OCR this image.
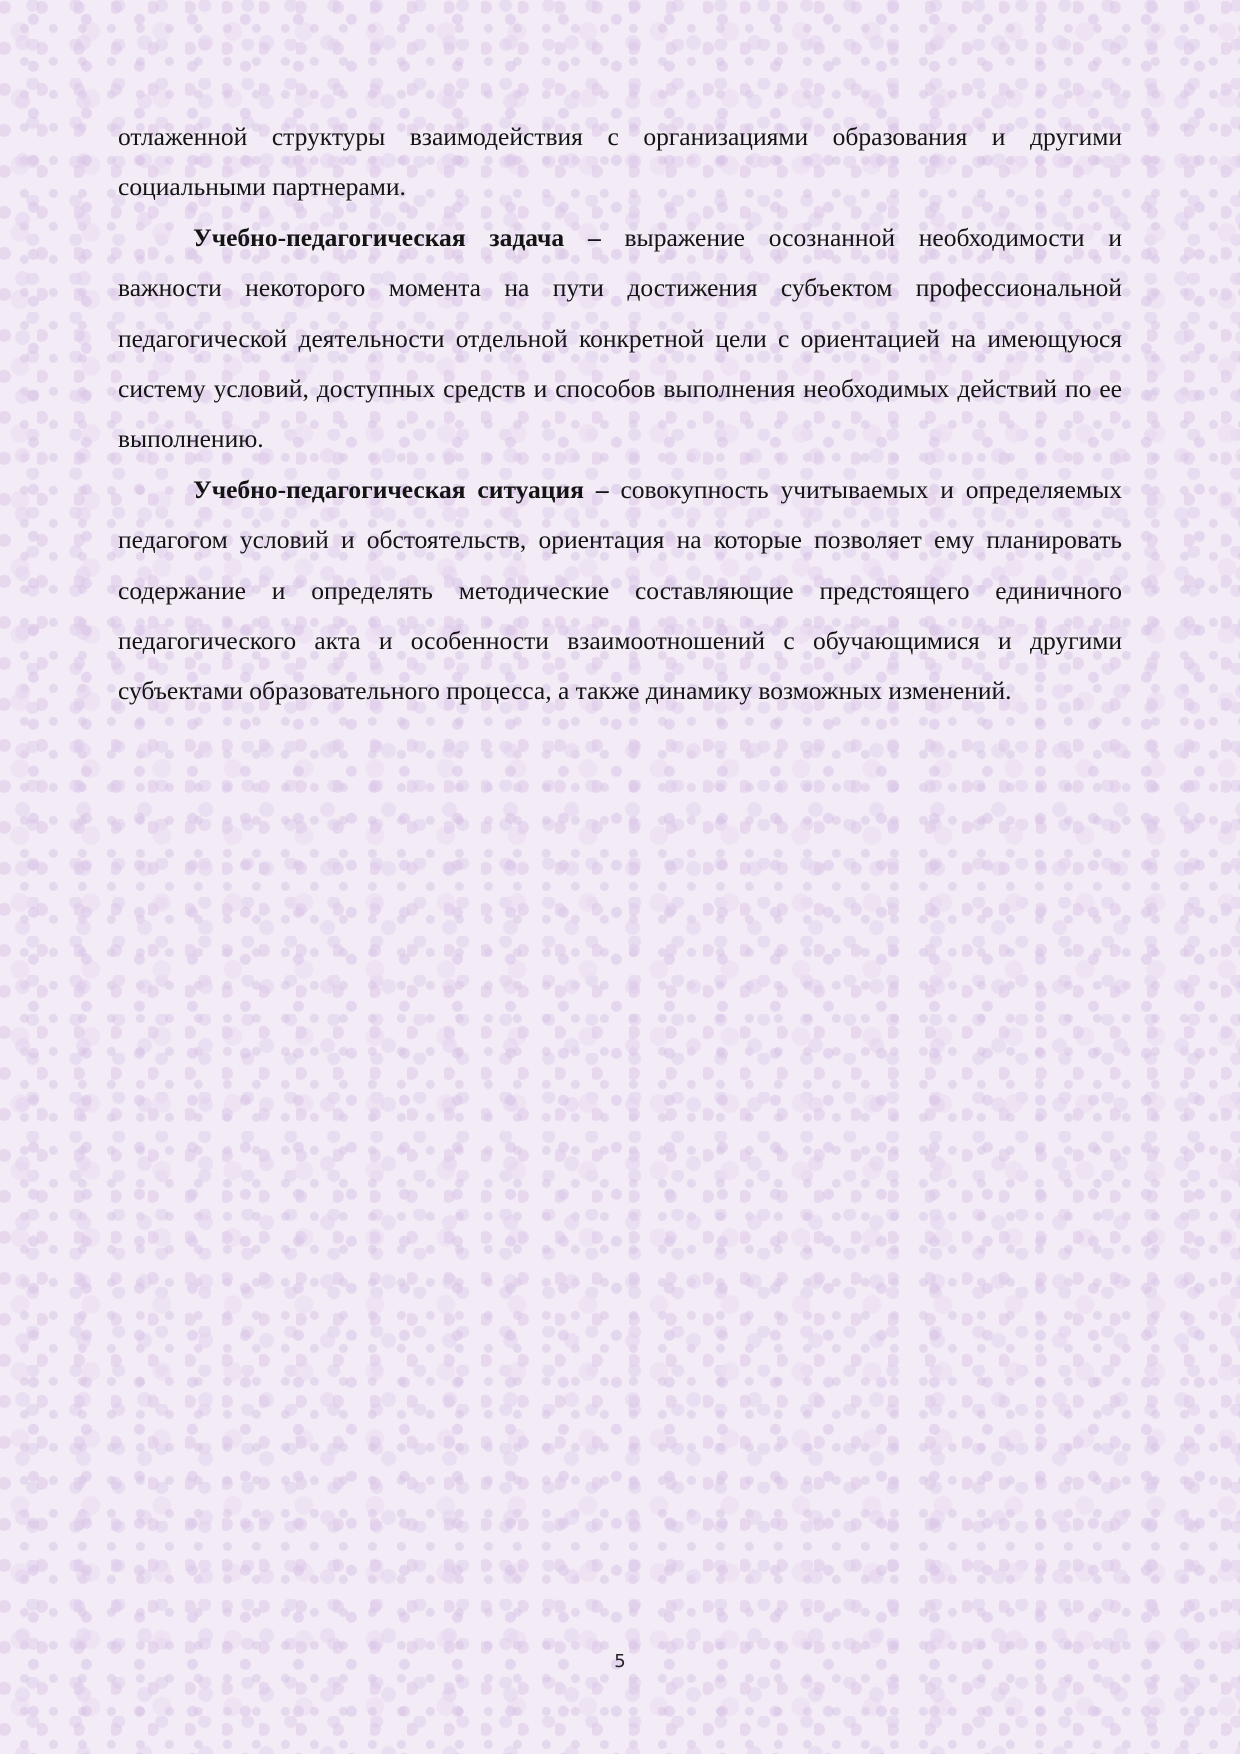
отлаженной структуры взаимодействия с организациями образования и другими социальными партнерами.

Учебно-педагогическая задача – выражение осознанной необходимости и важности некоторого момента на пути достижения субъектом профессиональной педагогической деятельности отдельной конкретной цели с ориентацией на имеющуюся систему условий, доступных средств и способов выполнения необходимых действий по ее выполнению.

Учебно-педагогическая ситуация – совокупность учитываемых и определяемых педагогом условий и обстоятельств, ориентация на которые позволяет ему планировать содержание и определять методические составляющие предстоящего единичного педагогического акта и особенности взаимоотношений с обучающимися и другими субъектами образовательного процесса, а также динамику возможных изменений.

5
